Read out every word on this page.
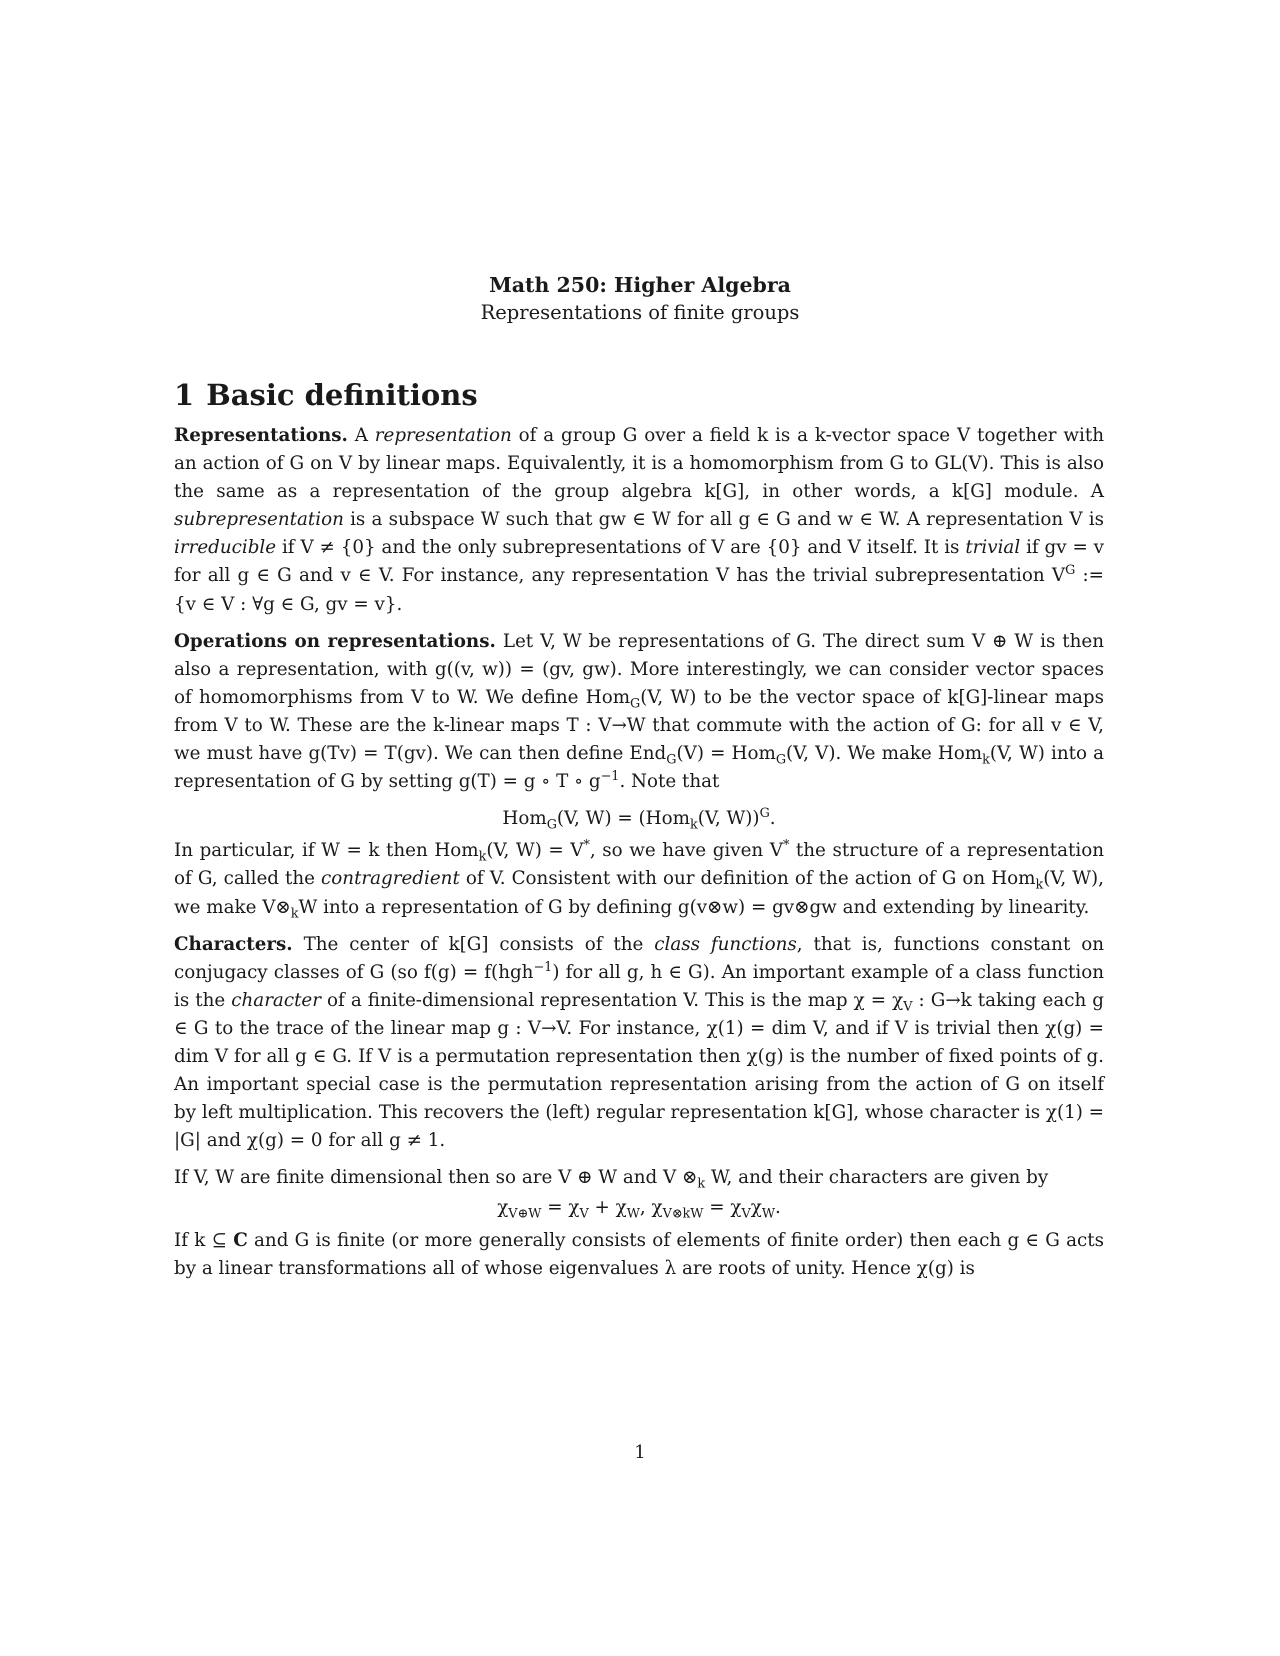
Math 250: Higher Algebra
Representations of finite groups
1 Basic definitions

Representations. A representation of a group G over a field k is a k-vector space V together with an action of G on V by linear maps. Equivalently, it is a homomorphism from G to GL(V). This is also the same as a representation of the group algebra k[G], in other words, a k[G] module. A subrepresentation is a subspace W such that gw ∈ W for all g ∈ G and w ∈ W. A representation V is irreducible if V ≠ {0} and the only subrepresentations of V are {0} and V itself. It is trivial if gv = v for all g ∈ G and v ∈ V. For instance, any representation V has the trivial subrepresentation $V^G$ := {v ∈ V : ∀g ∈ G, gv = v}.

Operations on representations. Let V, W be representations of G. The direct sum V ⊕ W is then also a representation, with g((v, w)) = (gv, gw). More interestingly, we can consider vector spaces of homomorphisms from V to W. We define Hom$_G$(V, W) to be the vector space of k[G]-linear maps from V to W. These are the k-linear maps T : V→W that commute with the action of G: for all v ∈ V, we must have g(Tv) = T(gv). We can then define End$_G$(V) = Hom$_G$(V, V). We make Hom$_k$(V, W) into a representation of G by setting g(T) = g ∘ T ∘ $g^{-1}$. Note that

Hom$_G$(V, W) = (Hom$_k$(V, W))$^G$.

In particular, if W = k then Hom$_k$(V, W) = V*, so we have given V* the structure of a representation of G, called the contragredient of V. Consistent with our definition of the action of G on Hom$_k$(V, W), we make $V\otimes_kW$ into a representation of G by defining g(v⊗w) = gv⊗gw and extending by linearity.

Characters. The center of k[G] consists of the class functions, that is, functions constant on conjugacy classes of G (so f(g) = f(hgh$^{-1}$) for all g, h ∈ G). An important example of a class function is the character of a finite-dimensional representation V. This is the map $\chi = \chi_V$ : G→k taking each g ∈ G to the trace of the linear map g : V→V. For instance, χ(1) = dim V, and if V is trivial then χ(g) = dim V for all g ∈ G. If V is a permutation representation then χ(g) is the number of fixed points of g. An important special case is the permutation representation arising from the action of G on itself by left multiplication. This recovers the (left) regular representation k[G], whose character is χ(1) = |G| and χ(g) = 0 for all g ≠ 1.

If V, W are finite dimensional then so are V ⊕ W and V $\otimes_k$ W, and their characters are given by

$\chi_{V\oplus W} = \chi_V + \chi_W$, $\chi_{V\otimes kW} = \chi_V\chi_W$.

If k ⊆ C and G is finite (or more generally consists of elements of finite order) then each g ∈ G acts by a linear transformations all of whose eigenvalues λ are roots of unity. Hence χ(g) is

1
